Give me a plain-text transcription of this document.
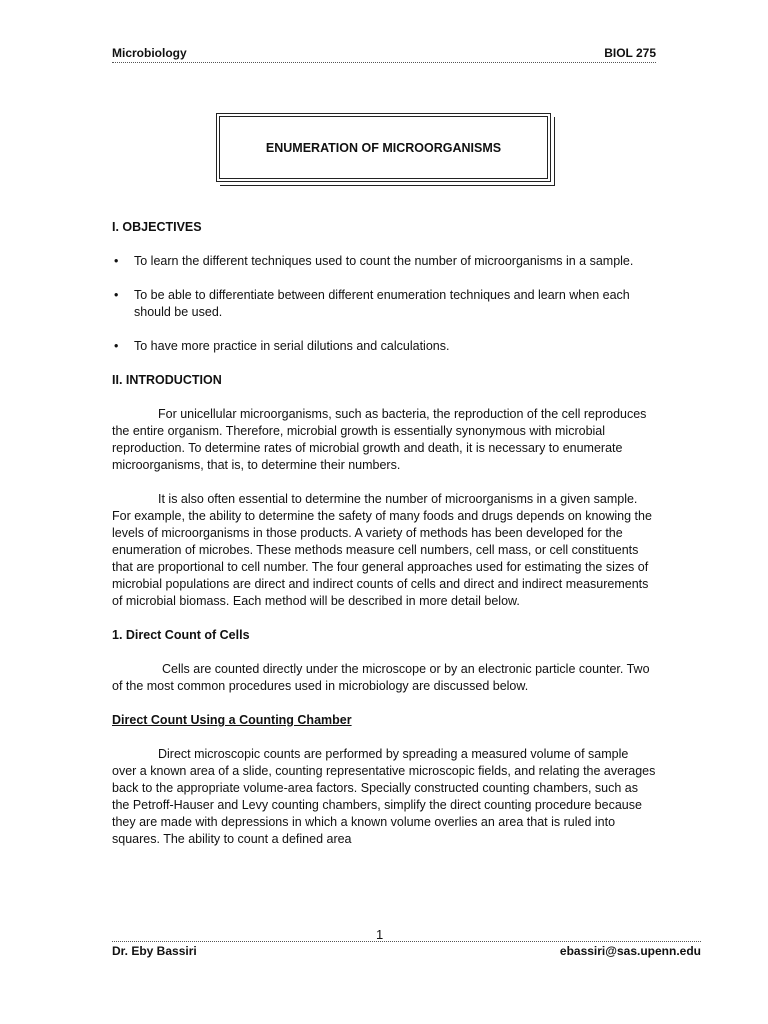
Microbiology	BIOL 275
ENUMERATION OF MICROORGANISMS

I. OBJECTIVES

• To learn the different techniques used to count the number of microorganisms in a sample.
• To be able to differentiate between different enumeration techniques and learn when each should be used.
• To have more practice in serial dilutions and calculations.

II. INTRODUCTION

For unicellular microorganisms, such as bacteria, the reproduction of the cell reproduces the entire organism. Therefore, microbial growth is essentially synonymous with microbial reproduction. To determine rates of microbial growth and death, it is necessary to enumerate microorganisms, that is, to determine their numbers.

It is also often essential to determine the number of microorganisms in a given sample. For example, the ability to determine the safety of many foods and drugs depends on knowing the levels of microorganisms in those products. A variety of methods has been developed for the enumeration of microbes. These methods measure cell numbers, cell mass, or cell constituents that are proportional to cell number. The four general approaches used for estimating the sizes of microbial populations are direct and indirect counts of cells and direct and indirect measurements of microbial biomass. Each method will be described in more detail below.

1. Direct Count of Cells

Cells are counted directly under the microscope or by an electronic particle counter. Two of the most common procedures used in microbiology are discussed below.

Direct Count Using a Counting Chamber

Direct microscopic counts are performed by spreading a measured volume of sample over a known area of a slide, counting representative microscopic fields, and relating the averages back to the appropriate volume-area factors. Specially constructed counting chambers, such as the Petroff-Hauser and Levy counting chambers, simplify the direct counting procedure because they are made with depressions in which a known volume overlies an area that is ruled into squares. The ability to count a defined area

1
Dr. Eby Bassiri	ebassiri@sas.upenn.edu
